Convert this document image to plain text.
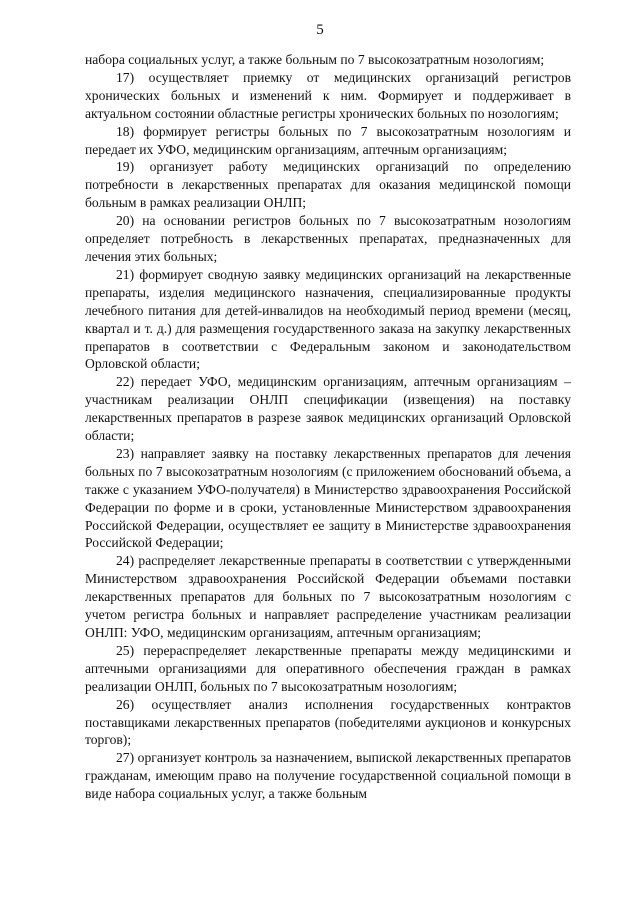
5

набора социальных услуг, а также больным по 7 высокозатратным нозологиям;

17) осуществляет приемку от медицинских организаций регистров хронических больных и изменений к ним. Формирует и поддерживает в актуальном состоянии областные регистры хронических больных по нозологиям;

18) формирует регистры больных по 7 высокозатратным нозологиям и передает их УФО, медицинским организациям, аптечным организациям;

19) организует работу медицинских организаций по определению потребности в лекарственных препаратах для оказания медицинской помощи больным в рамках реализации ОНЛП;

20) на основании регистров больных по 7 высокозатратным нозологиям определяет потребность в лекарственных препаратах, предназначенных для лечения этих больных;

21) формирует сводную заявку медицинских организаций на лекарственные препараты, изделия медицинского назначения, специализированные продукты лечебного питания для детей-инвалидов на необходимый период времени (месяц, квартал и т. д.) для размещения государственного заказа на закупку лекарственных препаратов в соответствии с Федеральным законом и законодательством Орловской области;

22) передает УФО, медицинским организациям, аптечным организациям – участникам реализации ОНЛП спецификации (извещения) на поставку лекарственных препаратов в разрезе заявок медицинских организаций Орловской области;

23) направляет заявку на поставку лекарственных препаратов для лечения больных по 7 высокозатратным нозологиям (с приложением обоснований объема, а также с указанием УФО-получателя) в Министерство здравоохранения Российской Федерации по форме и в сроки, установленные Министерством здравоохранения Российской Федерации, осуществляет ее защиту в Министерстве здравоохранения Российской Федерации;

24) распределяет лекарственные препараты в соответствии с утвержденными Министерством здравоохранения Российской Федерации объемами поставки лекарственных препаратов для больных по 7 высокозатратным нозологиям с учетом регистра больных и направляет распределение участникам реализации ОНЛП: УФО, медицинским организациям, аптечным организациям;

25) перераспределяет лекарственные препараты между медицинскими и аптечными организациями для оперативного обеспечения граждан в рамках реализации ОНЛП, больных по 7 высокозатратным нозологиям;

26) осуществляет анализ исполнения государственных контрактов поставщиками лекарственных препаратов (победителями аукционов и конкурсных торгов);

27) организует контроль за назначением, выпиской лекарственных препаратов гражданам, имеющим право на получение государственной социальной помощи в виде набора социальных услуг, а также больным
